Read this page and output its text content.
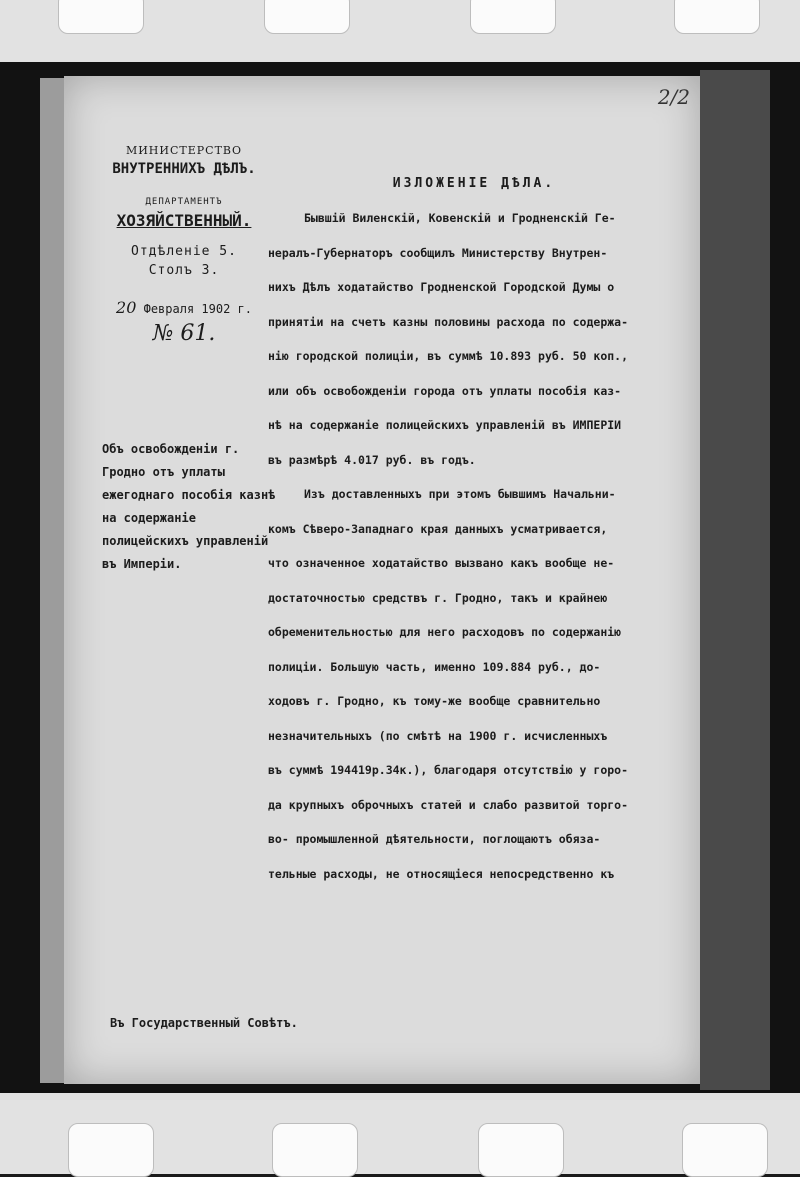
2/2
МИНИСТЕРСТВО
ВНУТРЕННИХЪ ДѢЛЪ.
ДЕПАРТАМЕНТЪ
ХОЗЯЙСТВЕННЫЙ.
Отдѣленіе 5.
Столъ 3.
20 Февраля 1902 г.
№ 61.
Объ освобожденіи г. Гродно отъ уплаты ежегоднаго пособія казнѣ на содержаніе полицейскихъ управленій въ Имперіи.
ИЗЛОЖЕНІЕ ДѢЛА.
Бывшій Виленскій, Ковенскій и Гродненскій Ге-
нералъ-Губернаторъ сообщилъ Министерству Внутрен-
нихъ Дѣлъ ходатайство Гродненской Городской Думы о
принятіи на счетъ казны половины расхода по содержа-
нію городской полиціи, въ суммѣ 10.893 руб. 50 коп.,
или объ освобожденіи города отъ уплаты пособія каз-
нѣ на содержаніе полицейскихъ управленій въ ИМПЕРІИ
въ размѣрѣ 4.017 руб. въ годъ.
Изъ доставленныхъ при этомъ бывшимъ Начальни-
комъ Сѣверо-Западнаго края данныхъ усматривается,
что означенное ходатайство вызвано какъ вообще не-
достаточностью средствъ г. Гродно, такъ и крайнею
обременительностью для него расходовъ по содержанію
полиціи. Большую часть, именно 109.884 руб., до-
ходовъ г. Гродно, къ тому-же вообще сравнительно
незначительныхъ (по смѣтѣ на 1900 г. исчисленныхъ
въ суммѣ 194419р.34к.), благодаря отсутствію у горо-
да крупныхъ оброчныхъ статей и слабо развитой торго-
во- промышленной дѣятельности, поглощаютъ обяза-
тельные расходы, не относящіеся непосредственно къ
Въ Государственный Совѣтъ.
